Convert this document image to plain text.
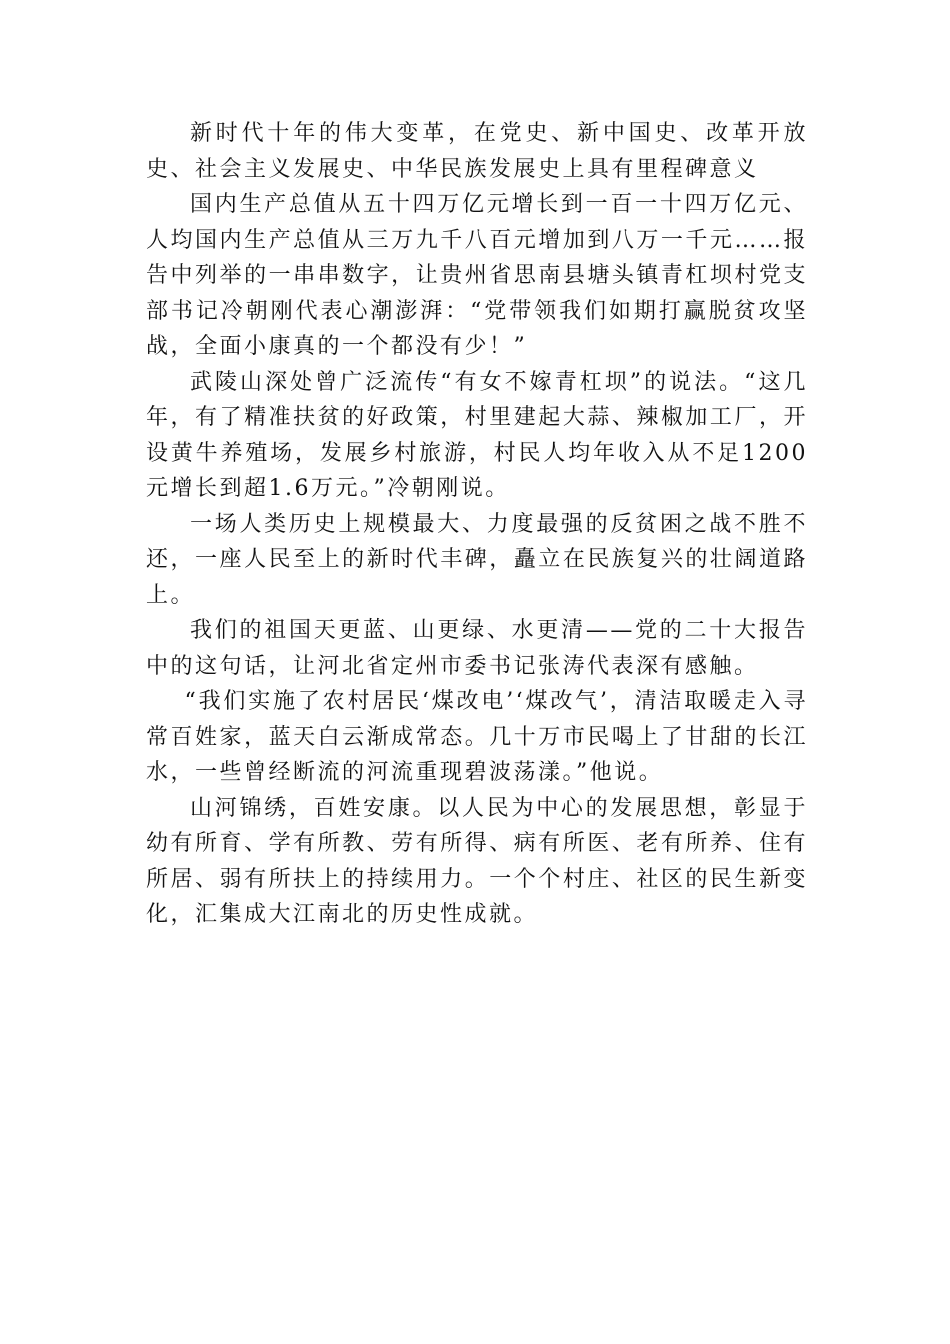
新时代十年的伟大变革，在党史、新中国史、改革开放史、社会主义发展史、中华民族发展史上具有里程碑意义

国内生产总值从五十四万亿元增长到一百一十四万亿元、人均国内生产总值从三万九千八百元增加到八万一千元……报告中列举的一串串数字，让贵州省思南县塘头镇青杠坝村党支部书记冷朝刚代表心潮澎湃：“党带领我们如期打赢脱贫攻坚战，全面小康真的一个都没有少！”

武陵山深处曾广泛流传“有女不嫁青杠坝”的说法。“这几年，有了精准扶贫的好政策，村里建起大蒜、辣椒加工厂，开设黄牛养殖场，发展乡村旅游，村民人均年收入从不足1200元增长到超1.6万元。”冷朝刚说。

一场人类历史上规模最大、力度最强的反贫困之战不胜不还，一座人民至上的新时代丰碑，矗立在民族复兴的壮阔道路上。

我们的祖国天更蓝、山更绿、水更清——党的二十大报告中的这句话，让河北省定州市委书记张涛代表深有感触。

“我们实施了农村居民‘煤改电’‘煤改气’，清洁取暖走入寻常百姓家，蓝天白云渐成常态。几十万市民喝上了甘甜的长江水，一些曾经断流的河流重现碧波荡漾。”他说。

山河锦绣，百姓安康。以人民为中心的发展思想，彰显于幼有所育、学有所教、劳有所得、病有所医、老有所养、住有所居、弱有所扶上的持续用力。一个个村庄、社区的民生新变化，汇集成大江南北的历史性成就。
